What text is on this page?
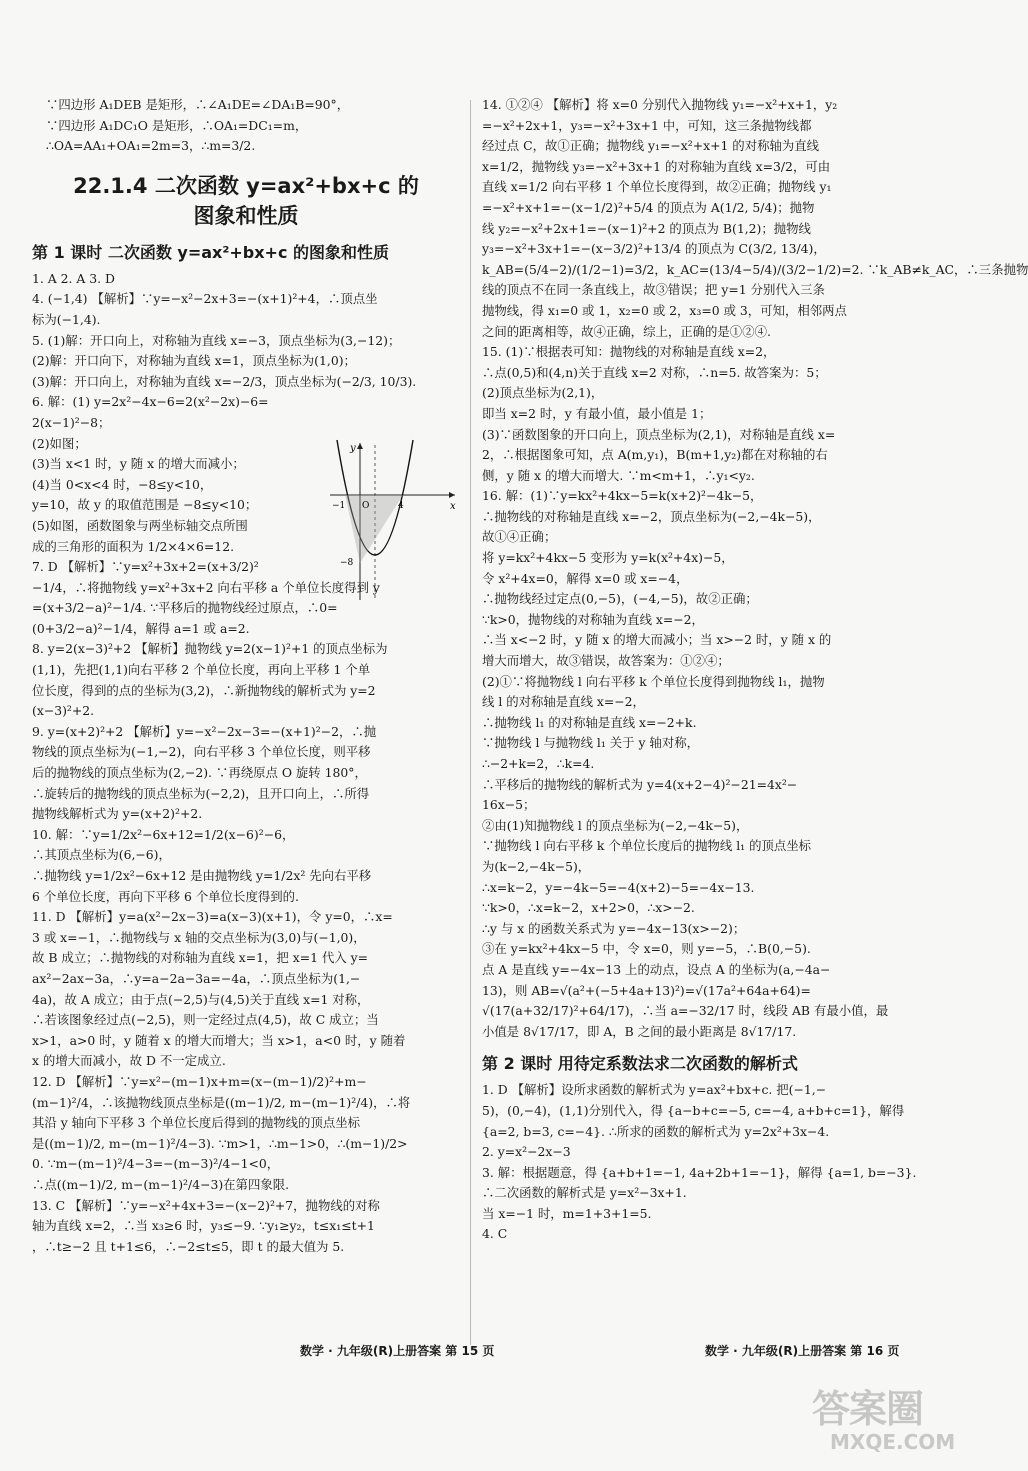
∵四边形 A₁DEB 是矩形，∴∠A₁DE=∠DA₁B=90°，
∵四边形 A₁DC₁O 是矩形，∴OA₁=DC₁=m，
∴OA=AA₁+OA₁=2m=3，∴m=3/2.
22.1.4 二次函数 y=ax²+bx+c 的
图象和性质
第 1 课时 二次函数 y=ax²+bx+c 的图象和性质
1. A 2. A 3. D
4. (−1,4) 【解析】∵y=−x²−2x+3=−(x+1)²+4，∴顶点坐
标为(−1,4).
5. (1)解：开口向上，对称轴为直线 x=−3，顶点坐标为(3,−12)；
(2)解：开口向下，对称轴为直线 x=1，顶点坐标为(1,0)；
(3)解：开口向上，对称轴为直线 x=−2/3，顶点坐标为(−2/3, 10/3).
6. 解：(1) y=2x²−4x−6=2(x²−2x)−6=
2(x−1)²−8；
(2)如图；
(3)当 x<1 时，y 随 x 的增大而减小；
(4)当 0<x<4 时，−8≤y<10，
y=10，故 y 的取值范围是 −8≤y<10；
(5)如图，函数图象与两坐标轴交点所围
成的三角形的面积为 1/2×4×6=12.
7. D 【解析】∵y=x²+3x+2=(x+3/2)²
−1/4，∴将抛物线 y=x²+3x+2 向右平移 a 个单位长度得到 y
=(x+3/2−a)²−1/4. ∵平移后的抛物线经过原点，∴0=
(0+3/2−a)²−1/4，解得 a=1 或 a=2.
8. y=2(x−3)²+2 【解析】抛物线 y=2(x−1)²+1 的顶点坐标为
(1,1)，先把(1,1)向右平移 2 个单位长度，再向上平移 1 个单
位长度，得到的点的坐标为(3,2)，∴新抛物线的解析式为 y=2
(x−3)²+2.
9. y=(x+2)²+2 【解析】y=−x²−2x−3=−(x+1)²−2，∴抛
物线的顶点坐标为(−1,−2)，向右平移 3 个单位长度，则平移
后的抛物线的顶点坐标为(2,−2). ∵再绕原点 O 旋转 180°，
∴旋转后的抛物线的顶点坐标为(−2,2)，且开口向上，∴所得
抛物线解析式为 y=(x+2)²+2.
10. 解：∵y=1/2x²−6x+12=1/2(x−6)²−6，
∴其顶点坐标为(6,−6)，
∴抛物线 y=1/2x²−6x+12 是由抛物线 y=1/2x² 先向右平移
6 个单位长度，再向下平移 6 个单位长度得到的.
11. D 【解析】y=a(x²−2x−3)=a(x−3)(x+1)，令 y=0，∴x=
3 或 x=−1，∴抛物线与 x 轴的交点坐标为(3,0)与(−1,0)，
故 B 成立；∴抛物线的对称轴为直线 x=1，把 x=1 代入 y=
ax²−2ax−3a，∴y=a−2a−3a=−4a，∴顶点坐标为(1,−
4a)，故 A 成立；由于点(−2,5)与(4,5)关于直线 x=1 对称，
∴若该图象经过点(−2,5)，则一定经过点(4,5)，故 C 成立；当
x>1，a>0 时，y 随着 x 的增大而增大；当 x>1，a<0 时，y 随着
x 的增大而减小，故 D 不一定成立.
12. D 【解析】∵y=x²−(m−1)x+m=(x−(m−1)/2)²+m−
(m−1)²/4，∴该抛物线顶点坐标是((m−1)/2, m−(m−1)²/4)，∴将
其沿 y 轴向下平移 3 个单位长度后得到的抛物线的顶点坐标
是((m−1)/2, m−(m−1)²/4−3). ∵m>1，∴m−1>0，∴(m−1)/2>
0. ∵m−(m−1)²/4−3=−(m−3)²/4−1<0，
∴点((m−1)/2, m−(m−1)²/4−3)在第四象限.
13. C 【解析】∵y=−x²+4x+3=−(x−2)²+7，抛物线的对称
轴为直线 x=2，∴当 x₃≥6 时，y₃≤−9. ∵y₁≥y₂，t≤x₁≤t+1
，∴t≥−2 且 t+1≤6，∴−2≤t≤5，即 t 的最大值为 5.
y
x
−1 O	4
−8
14. ①②④ 【解析】将 x=0 分别代入抛物线 y₁=−x²+x+1，y₂
=−x²+2x+1，y₃=−x²+3x+1 中，可知，这三条抛物线都
经过点 C，故①正确；抛物线 y₁=−x²+x+1 的对称轴为直线
x=1/2，抛物线 y₃=−x²+3x+1 的对称轴为直线 x=3/2，可由
直线 x=1/2 向右平移 1 个单位长度得到，故②正确；抛物线 y₁
=−x²+x+1=−(x−1/2)²+5/4 的顶点为 A(1/2, 5/4)；抛物
线 y₂=−x²+2x+1=−(x−1)²+2 的顶点为 B(1,2)；抛物线
y₃=−x²+3x+1=−(x−3/2)²+13/4 的顶点为 C(3/2, 13/4)，
k_AB=(5/4−2)/(1/2−1)=3/2，k_AC=(13/4−5/4)/(3/2−1/2)=2. ∵k_AB≠k_AC，∴三条抛物
线的顶点不在同一条直线上，故③错误；把 y=1 分别代入三条
抛物线，得 x₁=0 或 1，x₂=0 或 2，x₃=0 或 3，可知，相邻两点
之间的距离相等，故④正确，综上，正确的是①②④.
15. (1)∵根据表可知：抛物线的对称轴是直线 x=2，
∴点(0,5)和(4,n)关于直线 x=2 对称，∴n=5. 故答案为：5；
(2)顶点坐标为(2,1)，
即当 x=2 时，y 有最小值，最小值是 1；
(3)∵函数图象的开口向上，顶点坐标为(2,1)，对称轴是直线 x=
2，∴根据图象可知，点 A(m,y₁)，B(m+1,y₂)都在对称轴的右
侧，y 随 x 的增大而增大. ∵m<m+1，∴y₁<y₂.
16. 解：(1)∵y=kx²+4kx−5=k(x+2)²−4k−5，
∴抛物线的对称轴是直线 x=−2，顶点坐标为(−2,−4k−5)，
故①④正确；
将 y=kx²+4kx−5 变形为 y=k(x²+4x)−5，
令 x²+4x=0，解得 x=0 或 x=−4，
∴抛物线经过定点(0,−5)，(−4,−5)，故②正确；
∵k>0，抛物线的对称轴为直线 x=−2，
∴当 x<−2 时，y 随 x 的增大而减小；当 x>−2 时，y 随 x 的
增大而增大，故③错误，故答案为：①②④；
(2)①∵将抛物线 l 向右平移 k 个单位长度得到抛物线 l₁，抛物
线 l 的对称轴是直线 x=−2，
∴抛物线 l₁ 的对称轴是直线 x=−2+k.
∵抛物线 l 与抛物线 l₁ 关于 y 轴对称，
∴−2+k=2，∴k=4.
∴平移后的抛物线的解析式为 y=4(x+2−4)²−21=4x²−
16x−5；
②由(1)知抛物线 l 的顶点坐标为(−2,−4k−5)，
∵抛物线 l 向右平移 k 个单位长度后的抛物线 l₁ 的顶点坐标
为(k−2,−4k−5)，
∴x=k−2，y=−4k−5=−4(x+2)−5=−4x−13.
∵k>0，∴x=k−2，x+2>0，∴x>−2.
∴y 与 x 的函数关系式为 y=−4x−13(x>−2)；
③在 y=kx²+4kx−5 中，令 x=0，则 y=−5，∴B(0,−5).
点 A 是直线 y=−4x−13 上的动点，设点 A 的坐标为(a,−4a−
13)，则 AB=√(a²+(−5+4a+13)²)=√(17a²+64a+64)=
√(17(a+32/17)²+64/17)，∴当 a=−32/17 时，线段 AB 有最小值，最
小值是 8√17/17，即 A，B 之间的最小距离是 8√17/17.
第 2 课时 用待定系数法求二次函数的解析式
1. D 【解析】设所求函数的解析式为 y=ax²+bx+c. 把(−1,−
5)，(0,−4)，(1,1)分别代入，得 {a−b+c=−5, c=−4, a+b+c=1}，解得
{a=2, b=3, c=−4}. ∴所求的函数的解析式为 y=2x²+3x−4.
2. y=x²−2x−3
3. 解：根据题意，得 {a+b+1=−1, 4a+2b+1=−1}，解得 {a=1, b=−3}.
∴二次函数的解析式是 y=x²−3x+1.
当 x=−1 时，m=1+3+1=5.
4. C
数学 · 九年级(R)上册答案 第 15 页	数学 · 九年级(R)上册答案 第 16 页
答案圈
MXQE.COM
